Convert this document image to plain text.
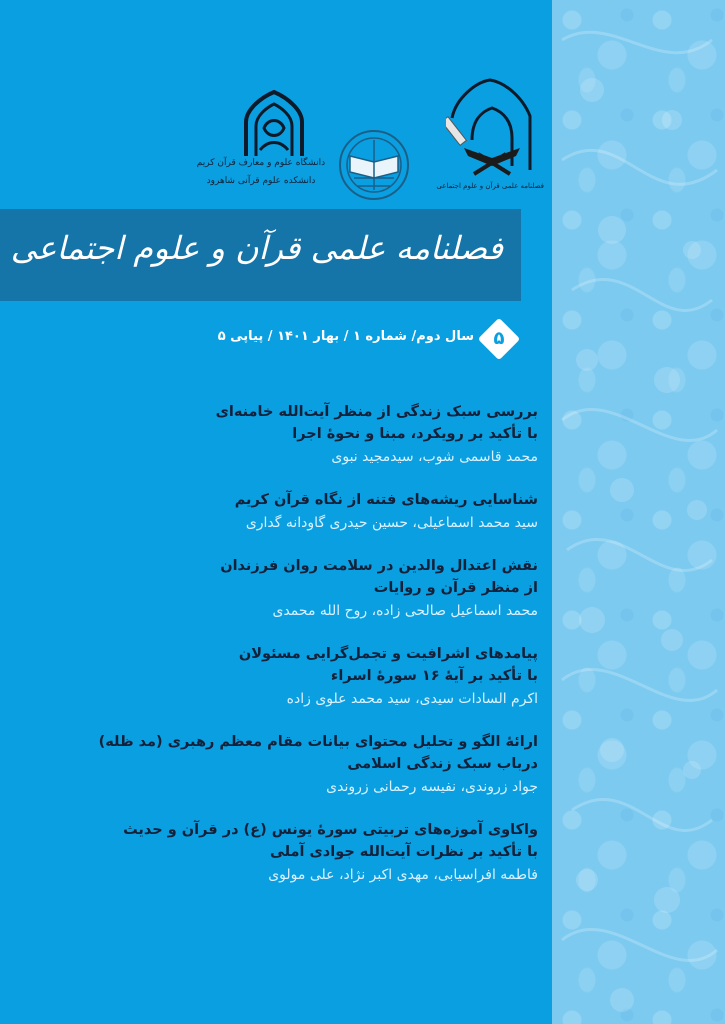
فصلنامه علمی قرآن و علوم اجتماعی
دانشگاه علوم و معارف قرآن کریم
دانشکده علوم قرآنی شاهرود
فصلنامه علمی قرآن و علوم اجتماعی
۵
سال دوم/ شماره ۱ / بهار ۱۴۰۱ / پیاپی ۵
بررسی سبک زندگی از منظر آیت‌الله خامنه‌ای
با تأکید بر رویکرد، مبنا و نحوۀ اجرا
محمد قاسمی شوب، سیدمجید نبوی
شناسایی ریشه‌های فتنه از نگاه قرآن کریم
سید محمد اسماعیلی، حسین حیدری گاودانه گداری
نقش اعتدال والدین در سلامت روان فرزندان
از منظر قرآن و روایات
محمد اسماعیل صالحی زاده، روح الله محمدی
پیامدهای اشرافیت و تجمل‌گرایی مسئولان
با تأکید بر آیۀ ۱۶ سورۀ اسراء
اکرم السادات سیدی، سید محمد علوی زاده
ارائۀ الگو و تحلیل محتوای بیانات مقام معظم رهبری (مد ظله)
درباب سبک زندگی اسلامی
جواد زروندی، نفیسه رحمانی زروندی
واکاوی آموزه‌های تربیتی سورۀ یونس (ع) در قرآن و حدیث
با تأکید بر نظرات آیت‌الله جوادی آملی
فاطمه افراسیابی، مهدی اکبر نژاد، علی مولوی
